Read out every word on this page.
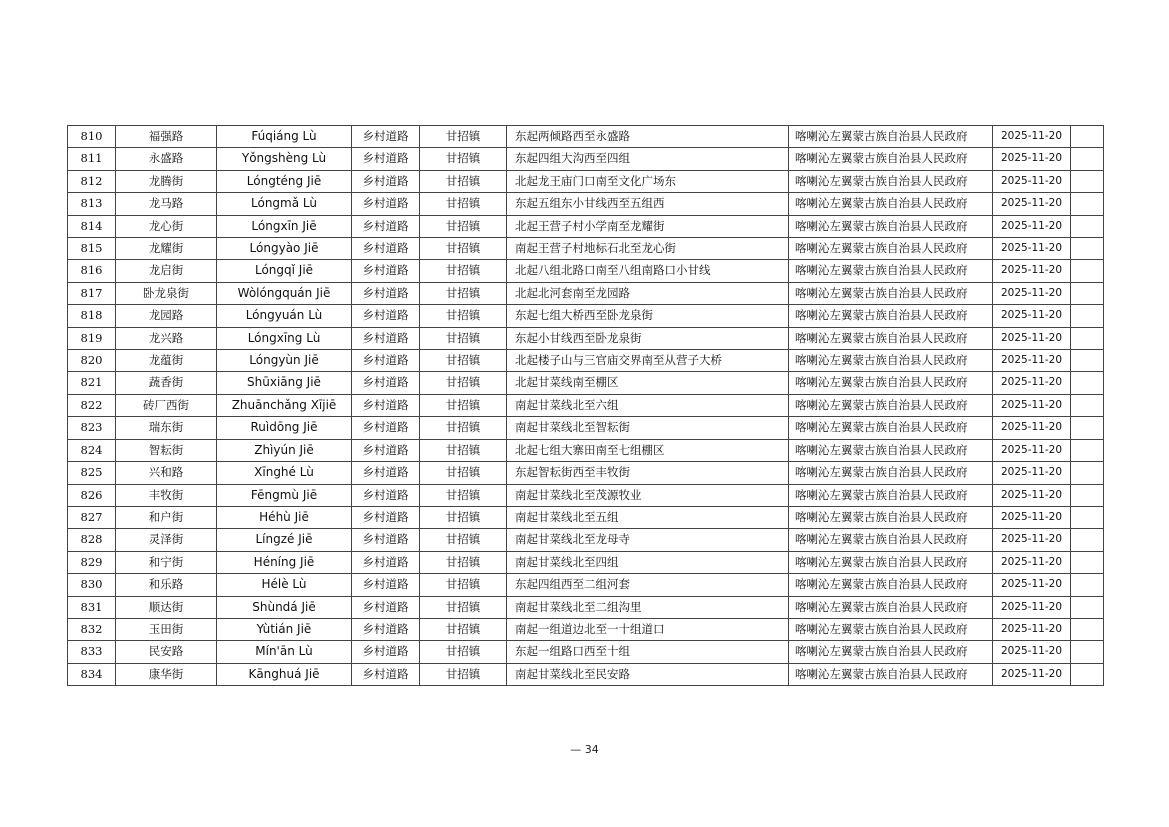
810	福强路	Fúqiáng Lù	乡村道路	甘招镇	东起两倾路西至永盛路	喀喇沁左翼蒙古族自治县人民政府	2025-11-20	
811	永盛路	Yǒngshèng Lù	乡村道路	甘招镇	东起四组大沟西至四组	喀喇沁左翼蒙古族自治县人民政府	2025-11-20	
812	龙腾街	Lóngténg Jiē	乡村道路	甘招镇	北起龙王庙门口南至文化广场东	喀喇沁左翼蒙古族自治县人民政府	2025-11-20	
813	龙马路	Lóngmǎ Lù	乡村道路	甘招镇	东起五组东小甘线西至五组西	喀喇沁左翼蒙古族自治县人民政府	2025-11-20	
814	龙心街	Lóngxīn Jiē	乡村道路	甘招镇	北起王营子村小学南至龙耀街	喀喇沁左翼蒙古族自治县人民政府	2025-11-20	
815	龙耀街	Lóngyào Jiē	乡村道路	甘招镇	南起王营子村地标石北至龙心街	喀喇沁左翼蒙古族自治县人民政府	2025-11-20	
816	龙启街	Lóngqǐ Jiē	乡村道路	甘招镇	北起八组北路口南至八组南路口小甘线	喀喇沁左翼蒙古族自治县人民政府	2025-11-20	
817	卧龙泉街	Wòlóngquán Jiē	乡村道路	甘招镇	北起北河套南至龙园路	喀喇沁左翼蒙古族自治县人民政府	2025-11-20	
818	龙园路	Lóngyuán Lù	乡村道路	甘招镇	东起七组大桥西至卧龙泉街	喀喇沁左翼蒙古族自治县人民政府	2025-11-20	
819	龙兴路	Lóngxīng Lù	乡村道路	甘招镇	东起小甘线西至卧龙泉街	喀喇沁左翼蒙古族自治县人民政府	2025-11-20	
820	龙蕴街	Lóngyùn Jiē	乡村道路	甘招镇	北起楼子山与三官庙交界南至从营子大桥	喀喇沁左翼蒙古族自治县人民政府	2025-11-20	
821	蔬香街	Shūxiāng Jiē	乡村道路	甘招镇	北起甘菜线南至棚区	喀喇沁左翼蒙古族自治县人民政府	2025-11-20	
822	砖厂西街	Zhuānchǎng Xījiē	乡村道路	甘招镇	南起甘菜线北至六组	喀喇沁左翼蒙古族自治县人民政府	2025-11-20	
823	瑞东街	Ruìdōng Jiē	乡村道路	甘招镇	南起甘菜线北至智耘街	喀喇沁左翼蒙古族自治县人民政府	2025-11-20	
824	智耘街	Zhìyún Jiē	乡村道路	甘招镇	北起七组大寨田南至七组棚区	喀喇沁左翼蒙古族自治县人民政府	2025-11-20	
825	兴和路	Xīnghé Lù	乡村道路	甘招镇	东起智耘街西至丰牧街	喀喇沁左翼蒙古族自治县人民政府	2025-11-20	
826	丰牧街	Fēngmù Jiē	乡村道路	甘招镇	南起甘菜线北至茂源牧业	喀喇沁左翼蒙古族自治县人民政府	2025-11-20	
827	和户街	Héhù Jiē	乡村道路	甘招镇	南起甘菜线北至五组	喀喇沁左翼蒙古族自治县人民政府	2025-11-20	
828	灵泽街	Língzé Jiē	乡村道路	甘招镇	南起甘菜线北至龙母寺	喀喇沁左翼蒙古族自治县人民政府	2025-11-20	
829	和宁街	Héníng Jiē	乡村道路	甘招镇	南起甘菜线北至四组	喀喇沁左翼蒙古族自治县人民政府	2025-11-20	
830	和乐路	Hélè Lù	乡村道路	甘招镇	东起四组西至二组河套	喀喇沁左翼蒙古族自治县人民政府	2025-11-20	
831	顺达街	Shùndá Jiē	乡村道路	甘招镇	南起甘菜线北至二组沟里	喀喇沁左翼蒙古族自治县人民政府	2025-11-20	
832	玉田街	Yùtián Jiē	乡村道路	甘招镇	南起一组道边北至一十组道口	喀喇沁左翼蒙古族自治县人民政府	2025-11-20	
833	民安路	Mín'ān Lù	乡村道路	甘招镇	东起一组路口西至十组	喀喇沁左翼蒙古族自治县人民政府	2025-11-20	
834	康华街	Kānghuá Jiē	乡村道路	甘招镇	南起甘菜线北至民安路	喀喇沁左翼蒙古族自治县人民政府	2025-11-20	
— 34
